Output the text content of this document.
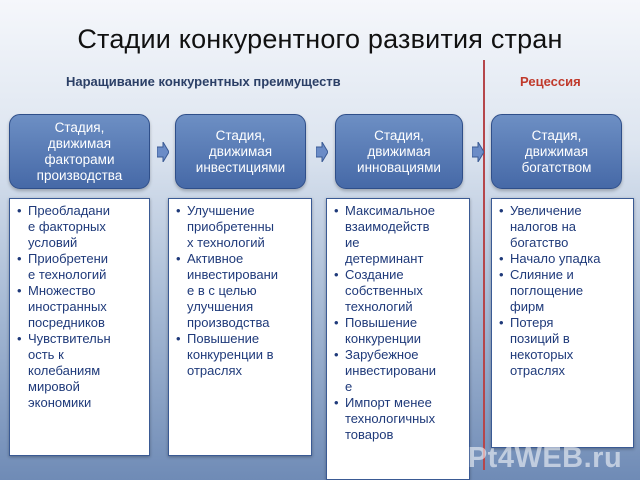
Стадии конкурентного развития стран
Наращивание конкурентных преимуществ	Рецессия
Стадия,
движимая
факторами
производства
Стадия,
движимая
инвестициями
Стадия,
движимая
инновациями
Стадия,
движимая
богатством
• Преобладани
е факторных
условий
• Приобретени
е технологий
• Множество
иностранных
посредников
• Чувствительн
ость к
колебаниям
мировой
экономики
• Улучшение
приобретенны
х технологий
• Активное
инвестировани
е в с целью
улучшения
производства
• Повышение
конкуренции в
отраслях
• Максимальное
взаимодейств
ие
детерминант
• Создание
собственных
технологий
• Повышение
конкуренции
• Зарубежное
инвестировани
е
• Импорт менее
технологичных
товаров
• Увеличение
налогов на
богатство
• Начало упадка
• Слияние и
поглощение
фирм
• Потеря
позиций в
некоторых
отраслях
PPt4WEB.ru
